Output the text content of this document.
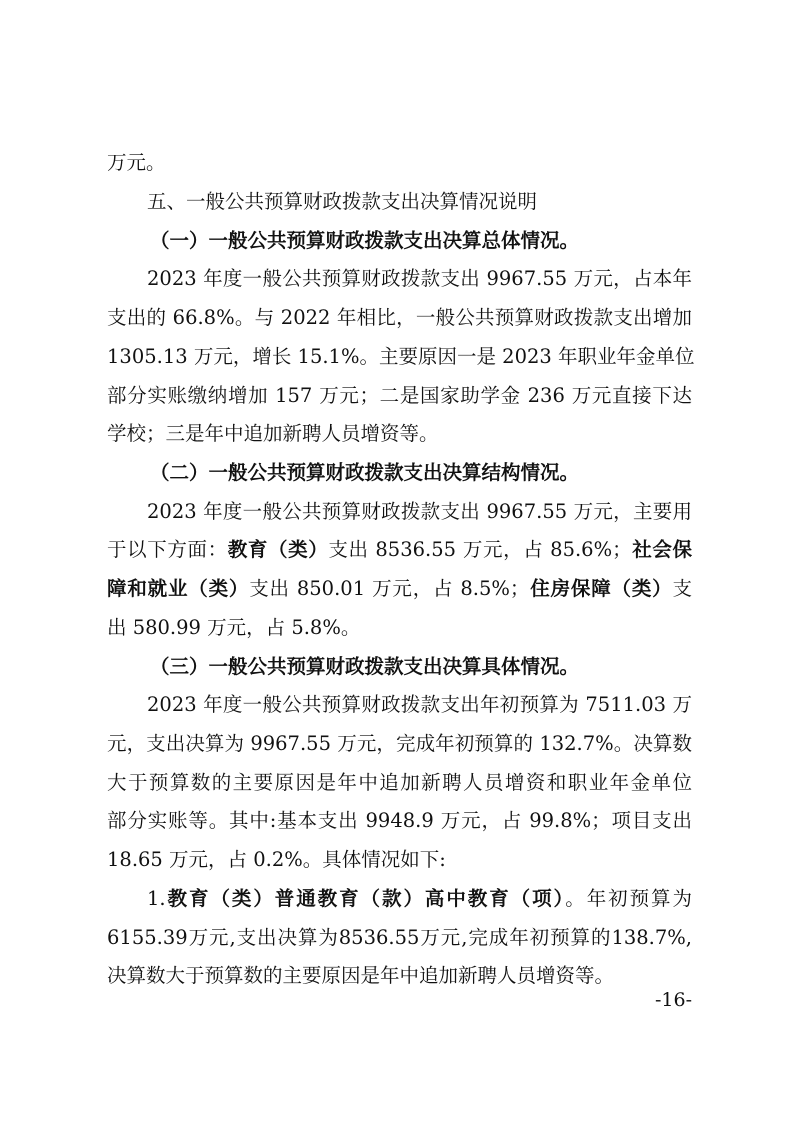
万元。
五、一般公共预算财政拨款支出决算情况说明
（一）一般公共预算财政拨款支出决算总体情况。
2023 年度一般公共预算财政拨款支出 9967.55 万元，占本年
支出的 66.8%。与 2022 年相比，一般公共预算财政拨款支出增加
1305.13 万元，增长 15.1%。主要原因一是 2023 年职业年金单位
部分实账缴纳增加 157 万元；二是国家助学金 236 万元直接下达
学校；三是年中追加新聘人员增资等。
（二）一般公共预算财政拨款支出决算结构情况。
2023 年度一般公共预算财政拨款支出 9967.55 万元，主要用
于以下方面：教育（类）支出 8536.55 万元，占 85.6%；社会保
障和就业（类）支出 850.01 万元，占 8.5%；住房保障（类）支
出 580.99 万元，占 5.8%。
（三）一般公共预算财政拨款支出决算具体情况。
2023 年度一般公共预算财政拨款支出年初预算为 7511.03 万
元，支出决算为 9967.55 万元，完成年初预算的 132.7%。决算数
大于预算数的主要原因是年中追加新聘人员增资和职业年金单位
部分实账等。其中:基本支出 9948.9 万元，占 99.8%；项目支出
18.65 万元，占 0.2%。具体情况如下:
1.教育（类）普通教育（款）高中教育（项）。年初预算为
6155.39万元,支出决算为8536.55万元,完成年初预算的138.7%,
决算数大于预算数的主要原因是年中追加新聘人员增资等。
-16-
